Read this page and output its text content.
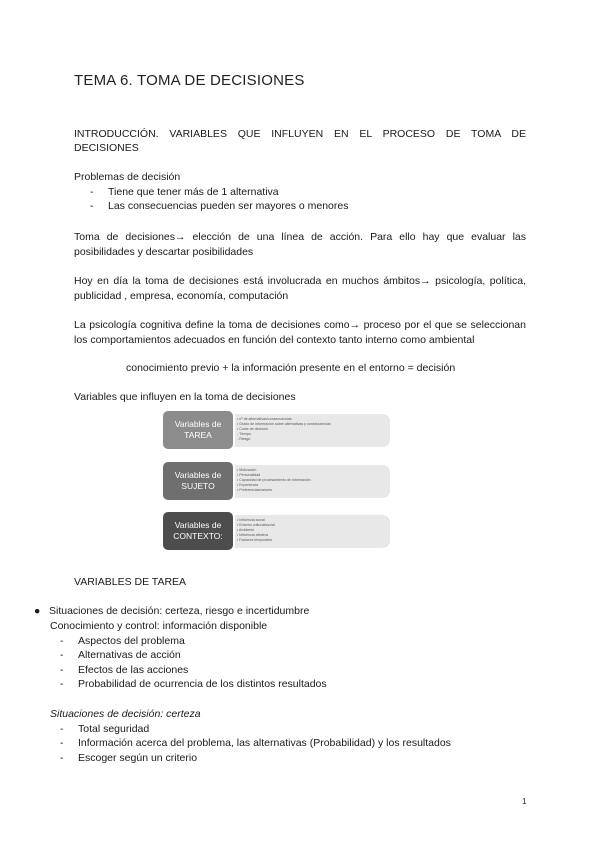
TEMA 6. TOMA DE DECISIONES
INTRODUCCIÓN. VARIABLES QUE INFLUYEN EN EL PROCESO DE TOMA DE DECISIONES

Problemas de decisión

- Tiene que tener más de 1 alternativa
- Las consecuencias pueden ser mayores o menores

Toma de decisiones→ elección de una línea de acción. Para ello hay que evaluar las posibilidades y descartar posibilidades

Hoy en día la toma de decisiones está involucrada en muchos ámbitos→ psicología, política, publicidad , empresa, economía, computación

La psicología cognitiva define la toma de decisiones como→ proceso por el que se seleccionan los comportamientos adecuados en función del contexto tanto interno como ambiental

conocimiento previo + la información presente en el entorno = decisión
Variables que influyen en la toma de decisiones
• nº de alternativas/consecuencias
• Grado de información sobre alternativas y consecuencias
• Coste de decisión
- Tiempo
- Riesgo
Variables de
TAREA
• Motivación
• Personalidad
• Capacidad de procesamiento de información
• Experiencia
• Preferencias/valores
Variables de
SUJETO
• Influencia social
• Entorno cultural/social
• Ambiente
• Influencia afectiva
• Factores temporales
Variables de
CONTEXTO:
VARIABLES DE TAREA
● Situaciones de decisión: certeza, riesgo e incertidumbre
Conocimiento y control: información disponible
- Aspectos del problema
- Alternativas de acción
- Efectos de las acciones
- Probabilidad de ocurrencia de los distintos resultados
Situaciones de decisión: certeza
- Total seguridad
- Información acerca del problema, las alternativas (Probabilidad) y los resultados
- Escoger según un criterio
1
